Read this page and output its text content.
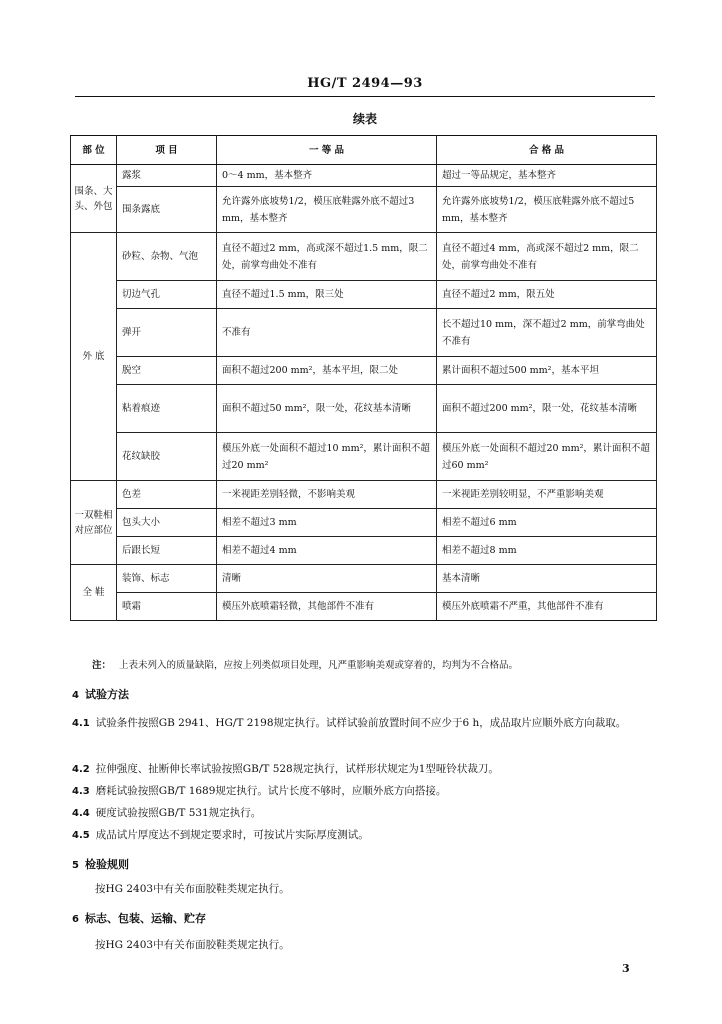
HG/T 2494—93
续表
部 位	项 目	一 等 品	合 格 品
围条、大头、外包	露浆	0～4 mm，基本整齐	超过一等品规定，基本整齐
	围条露底	允许露外底坡势1/2，模压底鞋露外底不超过3 mm，基本整齐	允许露外底坡势1/2，模压底鞋露外底不超过5 mm，基本整齐
外 底	砂粒、杂物、气泡	直径不超过2 mm，高或深不超过1.5 mm，限二处，前掌弯曲处不准有	直径不超过4 mm，高或深不超过2 mm，限二处，前掌弯曲处不准有
	切边气孔	直径不超过1.5 mm，限三处	直径不超过2 mm，限五处
	弹开	不准有	长不超过10 mm，深不超过2 mm，前掌弯曲处不准有
	脱空	面积不超过200 mm²，基本平坦，限二处	累计面积不超过500 mm²，基本平坦
	粘着痕迹	面积不超过50 mm²，限一处，花纹基本清晰	面积不超过200 mm²，限一处，花纹基本清晰
	花纹缺胶	模压外底一处面积不超过10 mm²，累计面积不超过20 mm²	模压外底一处面积不超过20 mm²，累计面积不超过60 mm²
一双鞋相对应部位	色差	一米视距差别轻微，不影响美观	一米视距差别较明显，不严重影响美观
	包头大小	相差不超过3 mm	相差不超过6 mm
	后跟长短	相差不超过4 mm	相差不超过8 mm
全 鞋	装饰、标志	清晰	基本清晰
	喷霜	模压外底喷霜轻微，其他部件不准有	模压外底喷霜不严重，其他部件不准有
注： 上表未列入的质量缺陷，应按上列类似项目处理，凡严重影响美观或穿着的，均判为不合格品。
4 试验方法
4.1 试验条件按照GB 2941、HG/T 2198规定执行。试样试验前放置时间不应少于6 h，成品取片应顺外底方向裁取。
4.2 拉伸强度、扯断伸长率试验按照GB/T 528规定执行，试样形状规定为1型哑铃状裁刀。
4.3 磨耗试验按照GB/T 1689规定执行。试片长度不够时，应顺外底方向搭接。
4.4 硬度试验按照GB/T 531规定执行。
4.5 成品试片厚度达不到规定要求时，可按试片实际厚度测试。
5 检验规则
按HG 2403中有关布面胶鞋类规定执行。
6 标志、包装、运输、贮存
按HG 2403中有关布面胶鞋类规定执行。
3
